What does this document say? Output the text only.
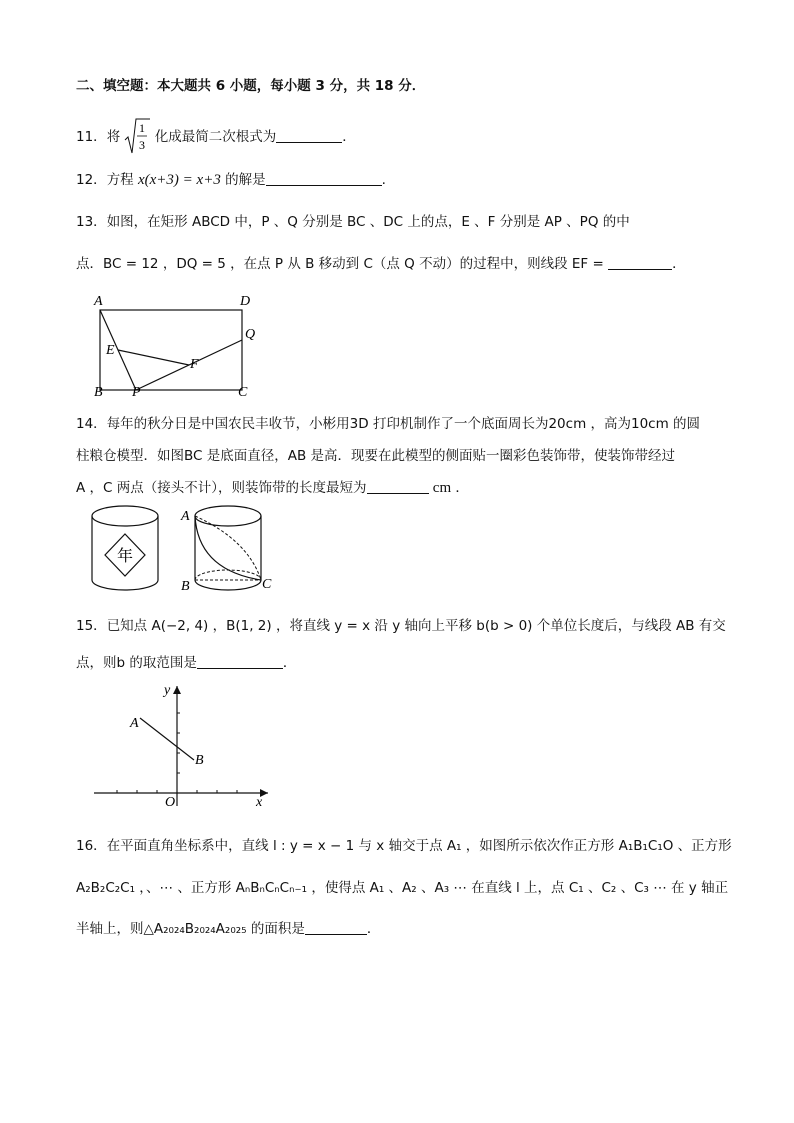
二、填空题：本大题共 6 小题，每小题 3 分，共 18 分．
11．将
1
3 化成最简二次根式为	．
12．方程 x(x+3) = x+3 的解是	.
13．如图，在矩形 ABCD 中，P 、Q 分别是 BC 、DC 上的点，E 、F 分别是 AP 、PQ 的中
点．BC = 12 ，DQ = 5 ，在点 P 从 B 移动到 C（点 Q 不动）的过程中，则线段 EF =	．
A	D
Q
E
F
B P	C
14．每年的秋分日是中国农民丰收节，小彬用3D 打印机制作了一个底面周长为20cm ，高为10cm 的圆
柱粮仓模型．如图BC 是底面直径，AB 是高．现要在此模型的侧面贴一圈彩色装饰带，使装饰带经过
A ，C 两点（接头不计），则装饰带的长度最短为	cm ．
年
A
B	C
15．已知点 A(−2, 4) ，B(1, 2) ，将直线 y = x 沿 y 轴向上平移 b(b > 0) 个单位长度后，与线段 AB 有交
点，则b 的取范围是	．
y
x
O
A
B
16．在平面直角坐标系中，直线 l : y = x − 1 与 x 轴交于点 A₁ ，如图所示依次作正方形 A₁B₁C₁O 、正方形
A₂B₂C₂C₁ ，、⋯ 、正方形 AₙBₙCₙCₙ₋₁ ，使得点 A₁ 、A₂ 、A₃ ⋯ 在直线 l 上，点 C₁ 、C₂ 、C₃ ⋯ 在 y 轴正
半轴上，则△A₂₀₂₄B₂₀₂₄A₂₀₂₅ 的面积是	．
